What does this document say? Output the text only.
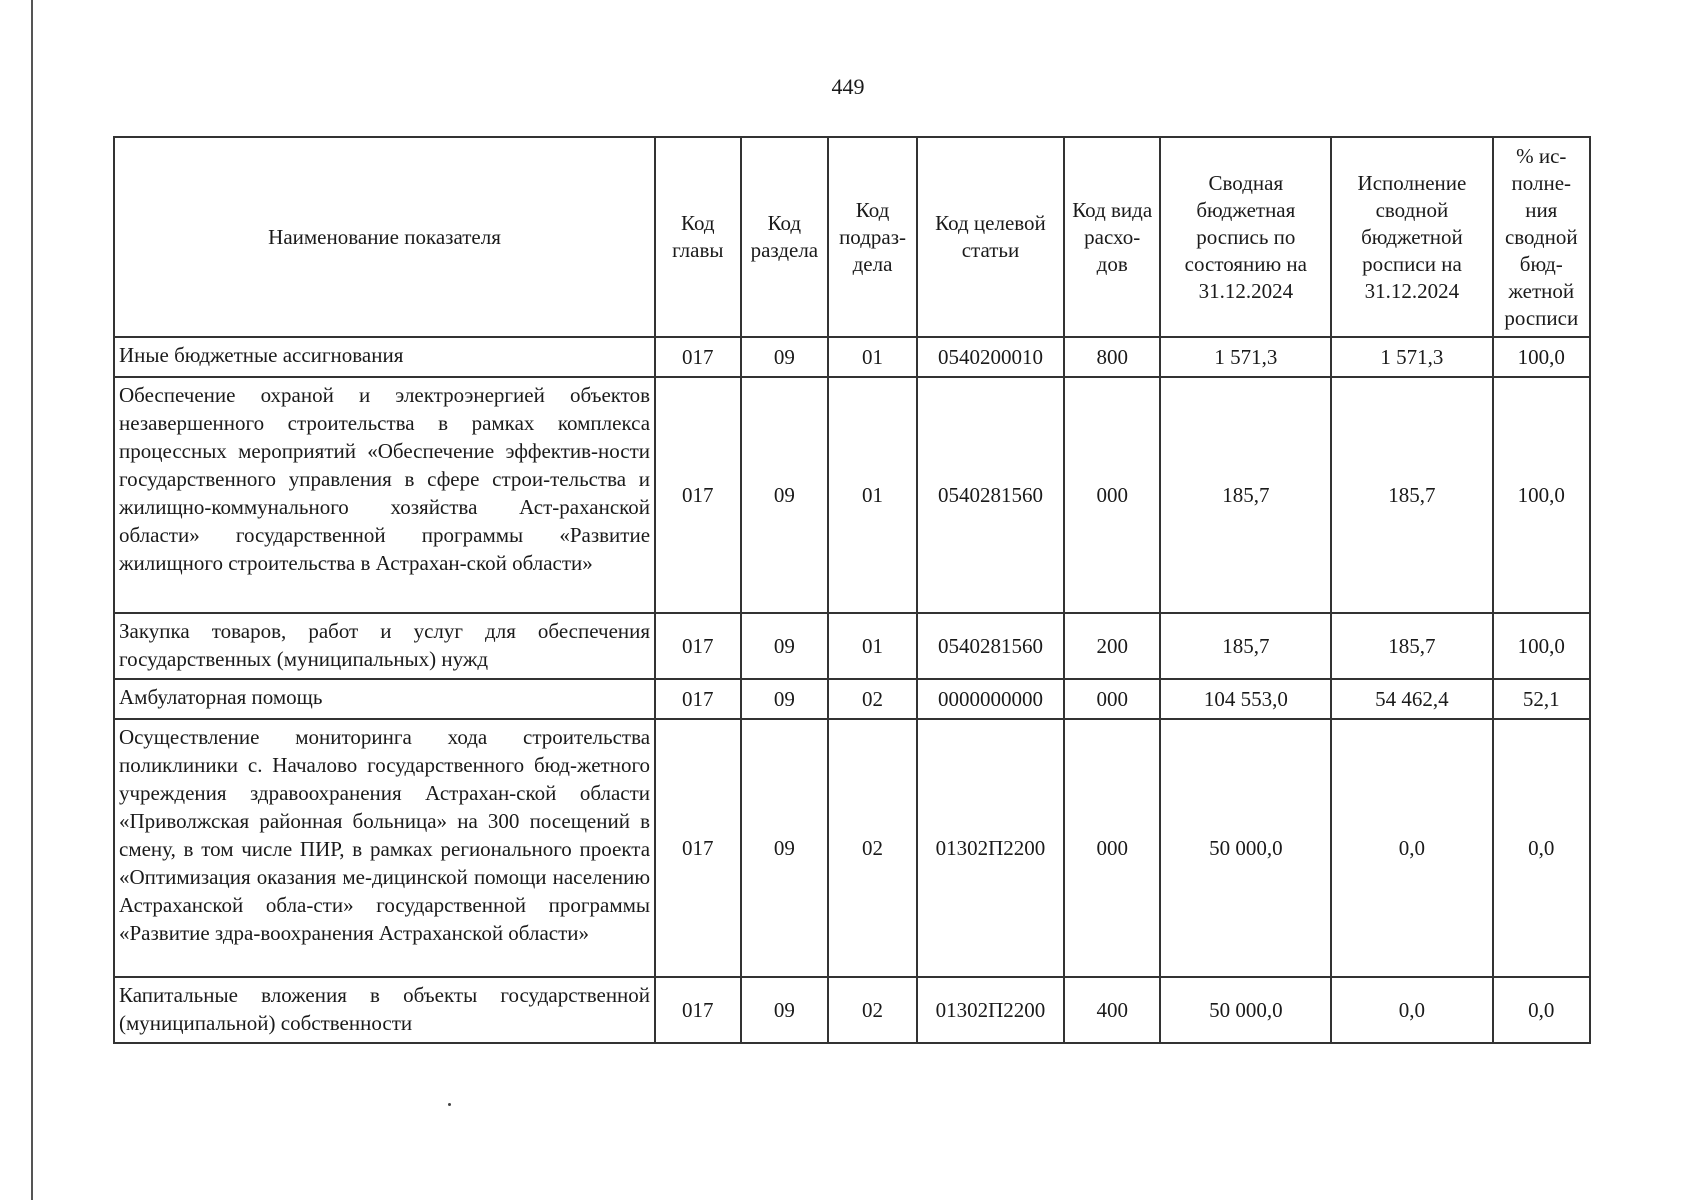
449
Наименование показателя	Код главы	Код раздела	Код подраз-дела	Код целевой статьи	Код вида расхо-дов	Сводная бюджетная роспись по состоянию на 31.12.2024	Исполнение сводной бюджетной росписи на 31.12.2024	% ис-полне-ния сводной бюд-жетной росписи
Иные бюджетные ассигнования	017	09	01	0540200010	800	1 571,3	1 571,3	100,0
Обеспечение охраной и электроэнергией объектов незавершенного строительства в рамках комплекса процессных мероприятий «Обеспечение эффектив-ности государственного управления в сфере строи-тельства и жилищно-коммунального хозяйства Аст-раханской области» государственной программы «Развитие жилищного строительства в Астрахан-ской области»	017	09	01	0540281560	000	185,7	185,7	100,0
Закупка товаров, работ и услуг для обеспечения государственных (муниципальных) нужд	017	09	01	0540281560	200	185,7	185,7	100,0
Амбулаторная помощь	017	09	02	0000000000	000	104 553,0	54 462,4	52,1
Осуществление мониторинга хода строительства поликлиники с. Началово государственного бюд-жетного учреждения здравоохранения Астрахан-ской области «Приволжская районная больница» на 300 посещений в смену, в том числе ПИР, в рамках регионального проекта «Оптимизация оказания ме-дицинской помощи населению Астраханской обла-сти» государственной программы «Развитие здра-воохранения Астраханской области»	017	09	02	01302П2200	000	50 000,0	0,0	0,0
Капитальные вложения в объекты государственной (муниципальной) собственности	017	09	02	01302П2200	400	50 000,0	0,0	0,0
